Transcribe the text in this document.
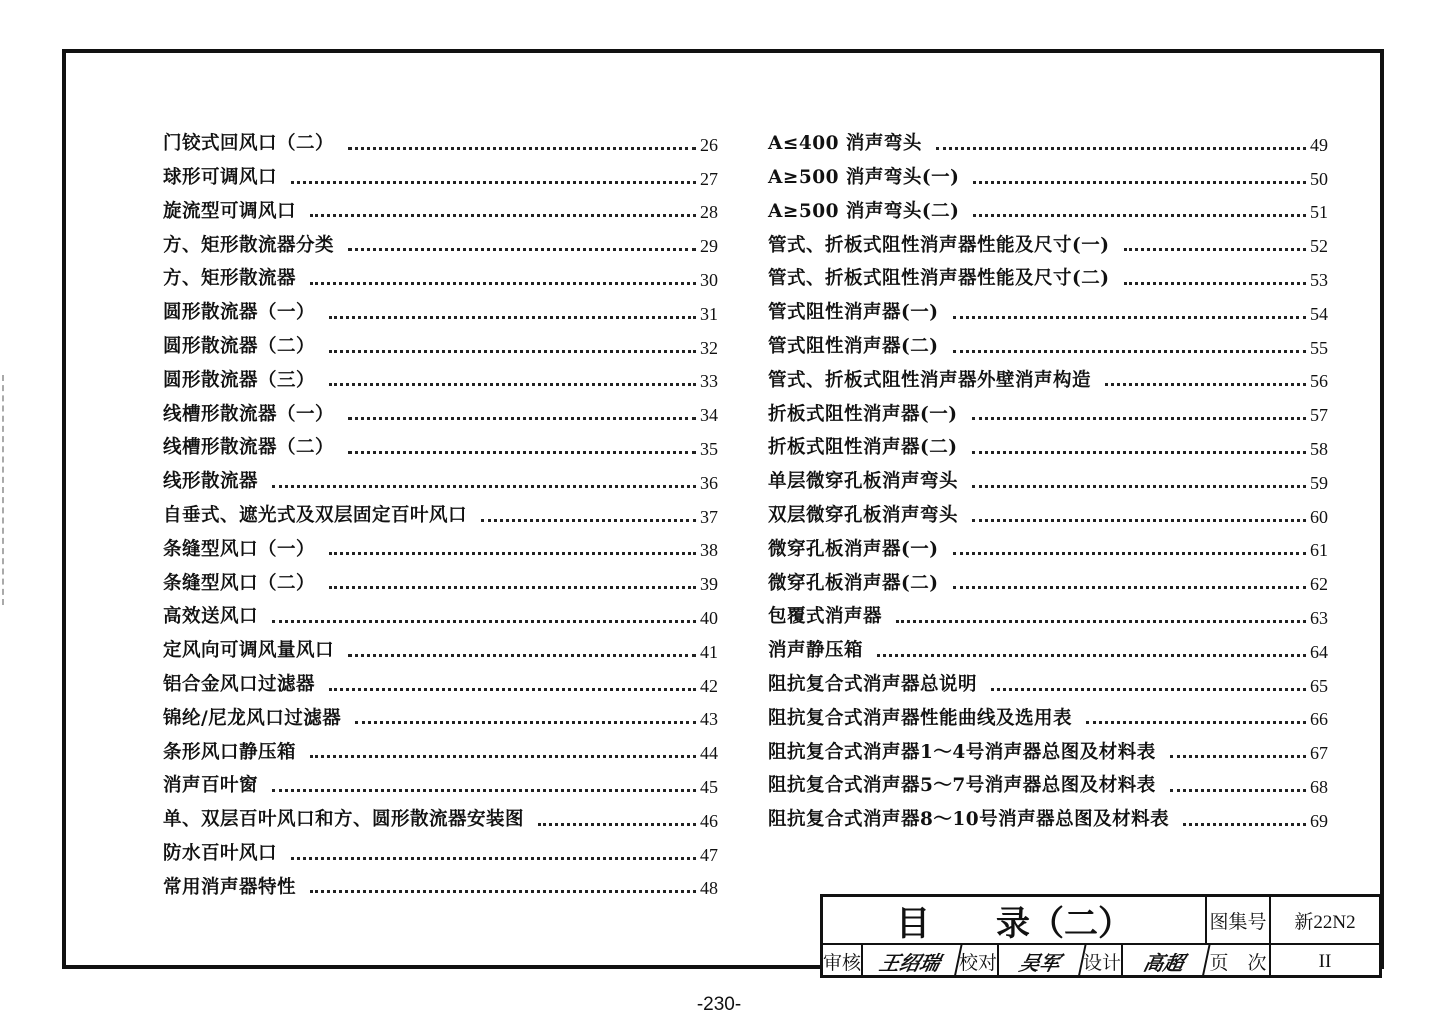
门铰式回风口（二）	26
球形可调风口	27
旋流型可调风口	28
方、矩形散流器分类	29
方、矩形散流器	30
圆形散流器（一）	31
圆形散流器（二）	32
圆形散流器（三）	33
线槽形散流器（一）	34
线槽形散流器（二）	35
线形散流器	36
自垂式、遮光式及双层固定百叶风口	37
条缝型风口（一）	38
条缝型风口（二）	39
高效送风口	40
定风向可调风量风口	41
铝合金风口过滤器	42
锦纶/尼龙风口过滤器	43
条形风口静压箱	44
消声百叶窗	45
单、双层百叶风口和方、圆形散流器安装图	46
防水百叶风口	47
常用消声器特性	48
A≤400 消声弯头	49
A≥500 消声弯头(一)	50
A≥500 消声弯头(二)	51
管式、折板式阻性消声器性能及尺寸(一)	52
管式、折板式阻性消声器性能及尺寸(二)	53
管式阻性消声器(一)	54
管式阻性消声器(二)	55
管式、折板式阻性消声器外壁消声构造	56
折板式阻性消声器(一)	57
折板式阻性消声器(二)	58
单层微穿孔板消声弯头	59
双层微穿孔板消声弯头	60
微穿孔板消声器(一)	61
微穿孔板消声器(二)	62
包覆式消声器	63
消声静压箱	64
阻抗复合式消声器总说明	65
阻抗复合式消声器性能曲线及选用表	66
阻抗复合式消声器1～4号消声器总图及材料表	67
阻抗复合式消声器5～7号消声器总图及材料表	68
阻抗复合式消声器8～10号消声器总图及材料表	69
目 录（二）	图集号	新22N2
审核 王绍瑞 校对	吴军	设计	高超	页　次	II
-230-
